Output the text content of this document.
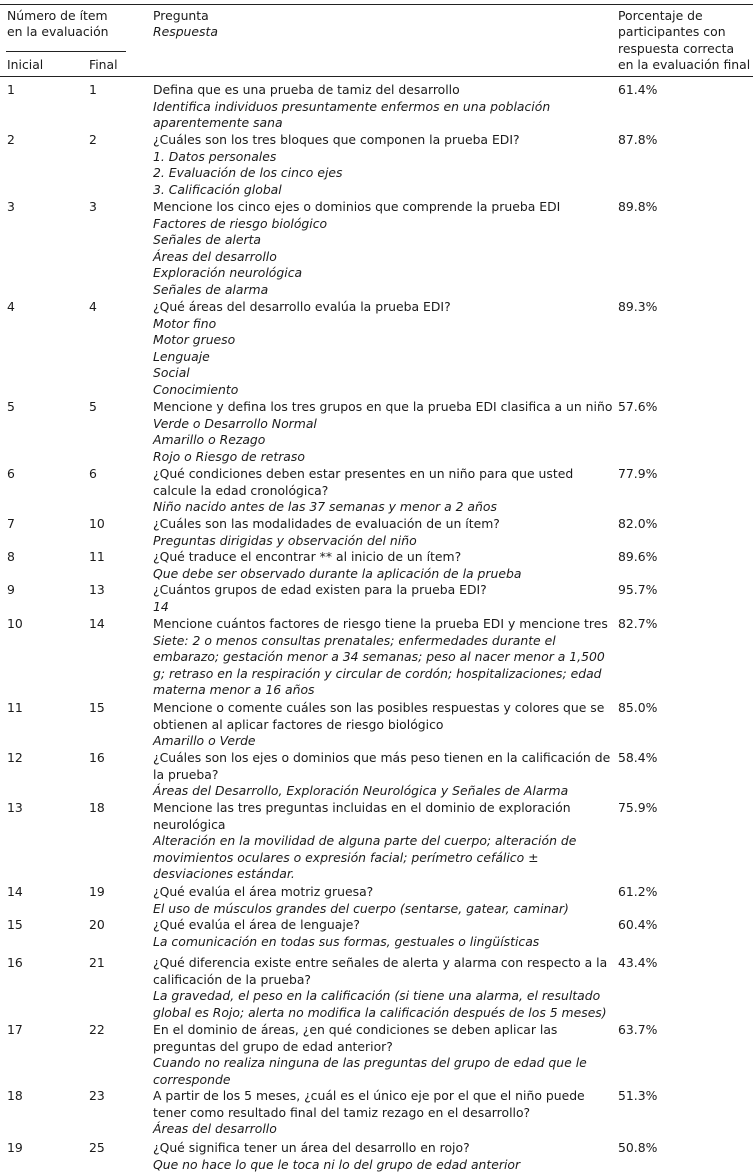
Número de ítem en la evaluación
Inicial	Final
Pregunta
Respuesta
Porcentaje de participantes con respuesta correcta en la evaluación final
1	1	Defina que es una prueba de tamiz del desarrollo
Identifica individuos presuntamente enfermos en una población aparentemente sana
61.4%
2	2	¿Cuáles son los tres bloques que componen la prueba EDI?
1. Datos personales
2. Evaluación de los cinco ejes
3. Calificación global
87.8%
3	3	Mencione los cinco ejes o dominios que comprende la prueba EDI
Factores de riesgo biológico
Señales de alerta
Áreas del desarrollo
Exploración neurológica
Señales de alarma
89.8%
4	4	¿Qué áreas del desarrollo evalúa la prueba EDI?
Motor fino
Motor grueso
Lenguaje
Social
Conocimiento
89.3%
5	5	Mencione y defina los tres grupos en que la prueba EDI clasifica a un niño
Verde o Desarrollo Normal
Amarillo o Rezago
Rojo o Riesgo de retraso
57.6%
6	6	¿Qué condiciones deben estar presentes en un niño para que usted calcule la edad cronológica?
Niño nacido antes de las 37 semanas y menor a 2 años
77.9%
7	10	¿Cuáles son las modalidades de evaluación de un ítem?
Preguntas dirigidas y observación del niño
82.0%
8	11	¿Qué traduce el encontrar ** al inicio de un ítem?
Que debe ser observado durante la aplicación de la prueba
89.6%
9	13	¿Cuántos grupos de edad existen para la prueba EDI?
14
95.7%
10	14	Mencione cuántos factores de riesgo tiene la prueba EDI y mencione tres
Siete: 2 o menos consultas prenatales; enfermedades durante el embarazo; gestación menor a 34 semanas; peso al nacer menor a 1,500 g; retraso en la respiración y circular de cordón; hospitalizaciones; edad materna menor a 16 años
82.7%
11	15	Mencione o comente cuáles son las posibles respuestas y colores que se obtienen al aplicar factores de riesgo biológico
Amarillo o Verde
85.0%
12	16	¿Cuáles son los ejes o dominios que más peso tienen en la calificación de la prueba?
Áreas del Desarrollo, Exploración Neurológica y Señales de Alarma
58.4%
13	18	Mencione las tres preguntas incluidas en el dominio de exploración neurológica
Alteración en la movilidad de alguna parte del cuerpo; alteración de movimientos oculares o expresión facial; perímetro cefálico ± desviaciones estándar.
75.9%
14	19	¿Qué evalúa el área motriz gruesa?
El uso de músculos grandes del cuerpo (sentarse, gatear, caminar)
61.2%
15	20	¿Qué evalúa el área de lenguaje?
La comunicación en todas sus formas, gestuales o lingüísticas
60.4%
16	21	¿Qué diferencia existe entre señales de alerta y alarma con respecto a la calificación de la prueba?
La gravedad, el peso en la calificación (si tiene una alarma, el resultado global es Rojo; alerta no modifica la calificación después de los 5 meses)
43.4%
17	22	En el dominio de áreas, ¿en qué condiciones se deben aplicar las preguntas del grupo de edad anterior?
Cuando no realiza ninguna de las preguntas del grupo de edad que le corresponde
63.7%
18	23	A partir de los 5 meses, ¿cuál es el único eje por el que el niño puede tener como resultado final del tamiz rezago en el desarrollo?
Áreas del desarrollo
51.3%
19	25	¿Qué significa tener un área del desarrollo en rojo?
Que no hace lo que le toca ni lo del grupo de edad anterior
50.8%
